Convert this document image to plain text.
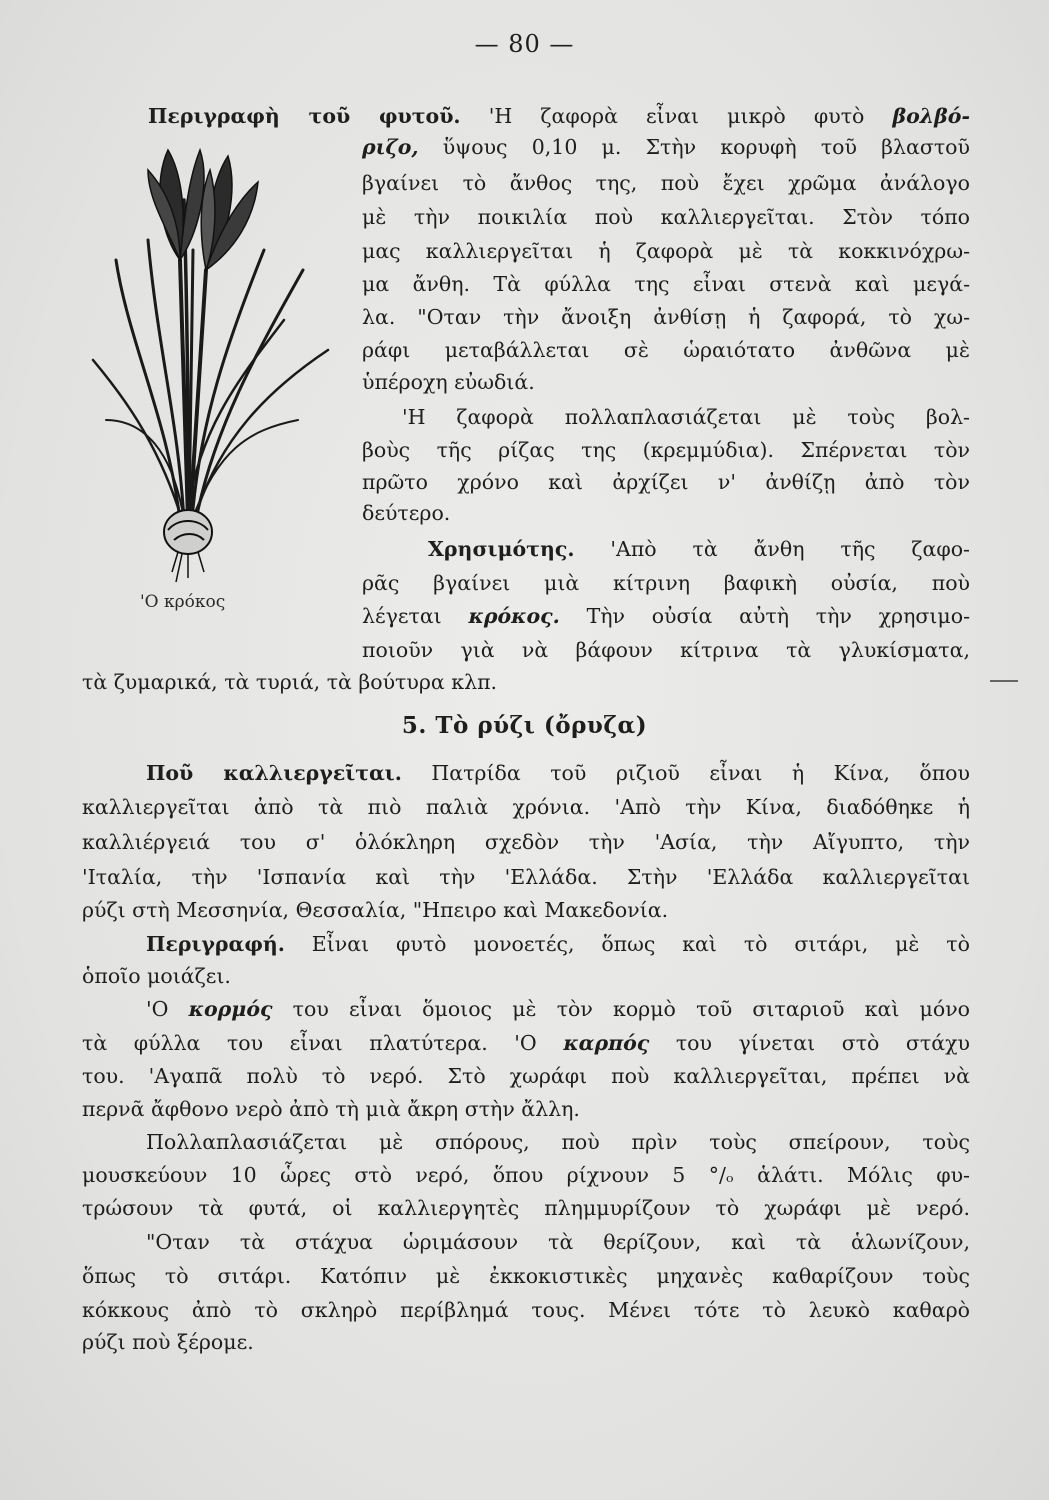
— 80 —
'Ο κρόκος
Περιγραφὴ τοῦ φυτοῦ. 'Η ζαφορὰ εἶναι μικρὸ φυτὸ βολβό-
ριζο, ὕψους 0,10 μ. Στὴν κορυφὴ τοῦ βλαστοῦ
βγαίνει τὸ ἄνθος της, ποὺ ἔχει χρῶμα ἀνάλογο
μὲ τὴν ποικιλία ποὺ καλλιεργεῖται. Στὸν τόπο
μας καλλιεργεῖται ἡ ζαφορὰ μὲ τὰ κοκκινόχρω-
μα ἄνθη. Τὰ φύλλα της εἶναι στενὰ καὶ μεγά-
λα. "Οταν τὴν ἄνοιξη ἀνθίσῃ ἡ ζαφορά, τὸ χω-
ράφι μεταβάλλεται σὲ ὡραιότατο ἀνθῶνα μὲ
ὑπέροχη εὐωδιά.
'Η ζαφορὰ πολλαπλασιάζεται μὲ τοὺς βολ-
βοὺς τῆς ρίζας της (κρεμμύδια). Σπέρνεται τὸν
πρῶτο χρόνο καὶ ἀρχίζει ν' ἀνθίζῃ ἀπὸ τὸν
δεύτερο.
Χρησιμότης. 'Απὸ τὰ ἄνθη τῆς ζαφο-
ρᾶς βγαίνει μιὰ κίτρινη βαφικὴ οὐσία, ποὺ
λέγεται κρόκος. Τὴν οὐσία αὐτὴ τὴν χρησιμο-
ποιοῦν γιὰ νὰ βάφουν κίτρινα τὰ γλυκίσματα,
τὰ ζυμαρικά, τὰ τυριά, τὰ βούτυρα κλπ.
5. Τὸ ρύζι (ὄρυζα)
Ποῦ καλλιεργεῖται. Πατρίδα τοῦ ριζιοῦ εἶναι ἡ Κίνα, ὅπου
καλλιεργεῖται ἀπὸ τὰ πιὸ παλιὰ χρόνια. 'Απὸ τὴν Κίνα, διαδόθηκε ἡ
καλλιέργειά του σ' ὁλόκληρη σχεδὸν τὴν 'Ασία, τὴν Αἴγυπτο, τὴν
'Ιταλία, τὴν 'Ισπανία καὶ τὴν 'Ελλάδα. Στὴν 'Ελλάδα καλλιεργεῖται
ρύζι στὴ Μεσσηνία, Θεσσαλία, "Ηπειρο καὶ Μακεδονία.
Περιγραφή. Εἶναι φυτὸ μονοετές, ὅπως καὶ τὸ σιτάρι, μὲ τὸ
ὁποῖο μοιάζει.
'Ο κορμός του εἶναι ὅμοιος μὲ τὸν κορμὸ τοῦ σιταριοῦ καὶ μόνο
τὰ φύλλα του εἶναι πλατύτερα. 'Ο καρπός του γίνεται στὸ στάχυ
του. 'Αγαπᾶ πολὺ τὸ νερό. Στὸ χωράφι ποὺ καλλιεργεῖται, πρέπει νὰ
περνᾶ ἄφθονο νερὸ ἀπὸ τὴ μιὰ ἄκρη στὴν ἄλλη.
Πολλαπλασιάζεται μὲ σπόρους, ποὺ πρὶν τοὺς σπείρουν, τοὺς
μουσκεύουν 10 ὧρες στὸ νερό, ὅπου ρίχνουν 5 °/ₒ ἁλάτι. Μόλις φυ-
τρώσουν τὰ φυτά, οἱ καλλιεργητὲς πλημμυρίζουν τὸ χωράφι μὲ νερό.
"Οταν τὰ στάχυα ὡριμάσουν τὰ θερίζουν, καὶ τὰ ἁλωνίζουν,
ὅπως τὸ σιτάρι. Κατόπιν μὲ ἐκκοκιστικὲς μηχανὲς καθαρίζουν τοὺς
κόκκους ἀπὸ τὸ σκληρὸ περίβλημά τους. Μένει τότε τὸ λευκὸ καθαρὸ
ρύζι ποὺ ξέρομε.
